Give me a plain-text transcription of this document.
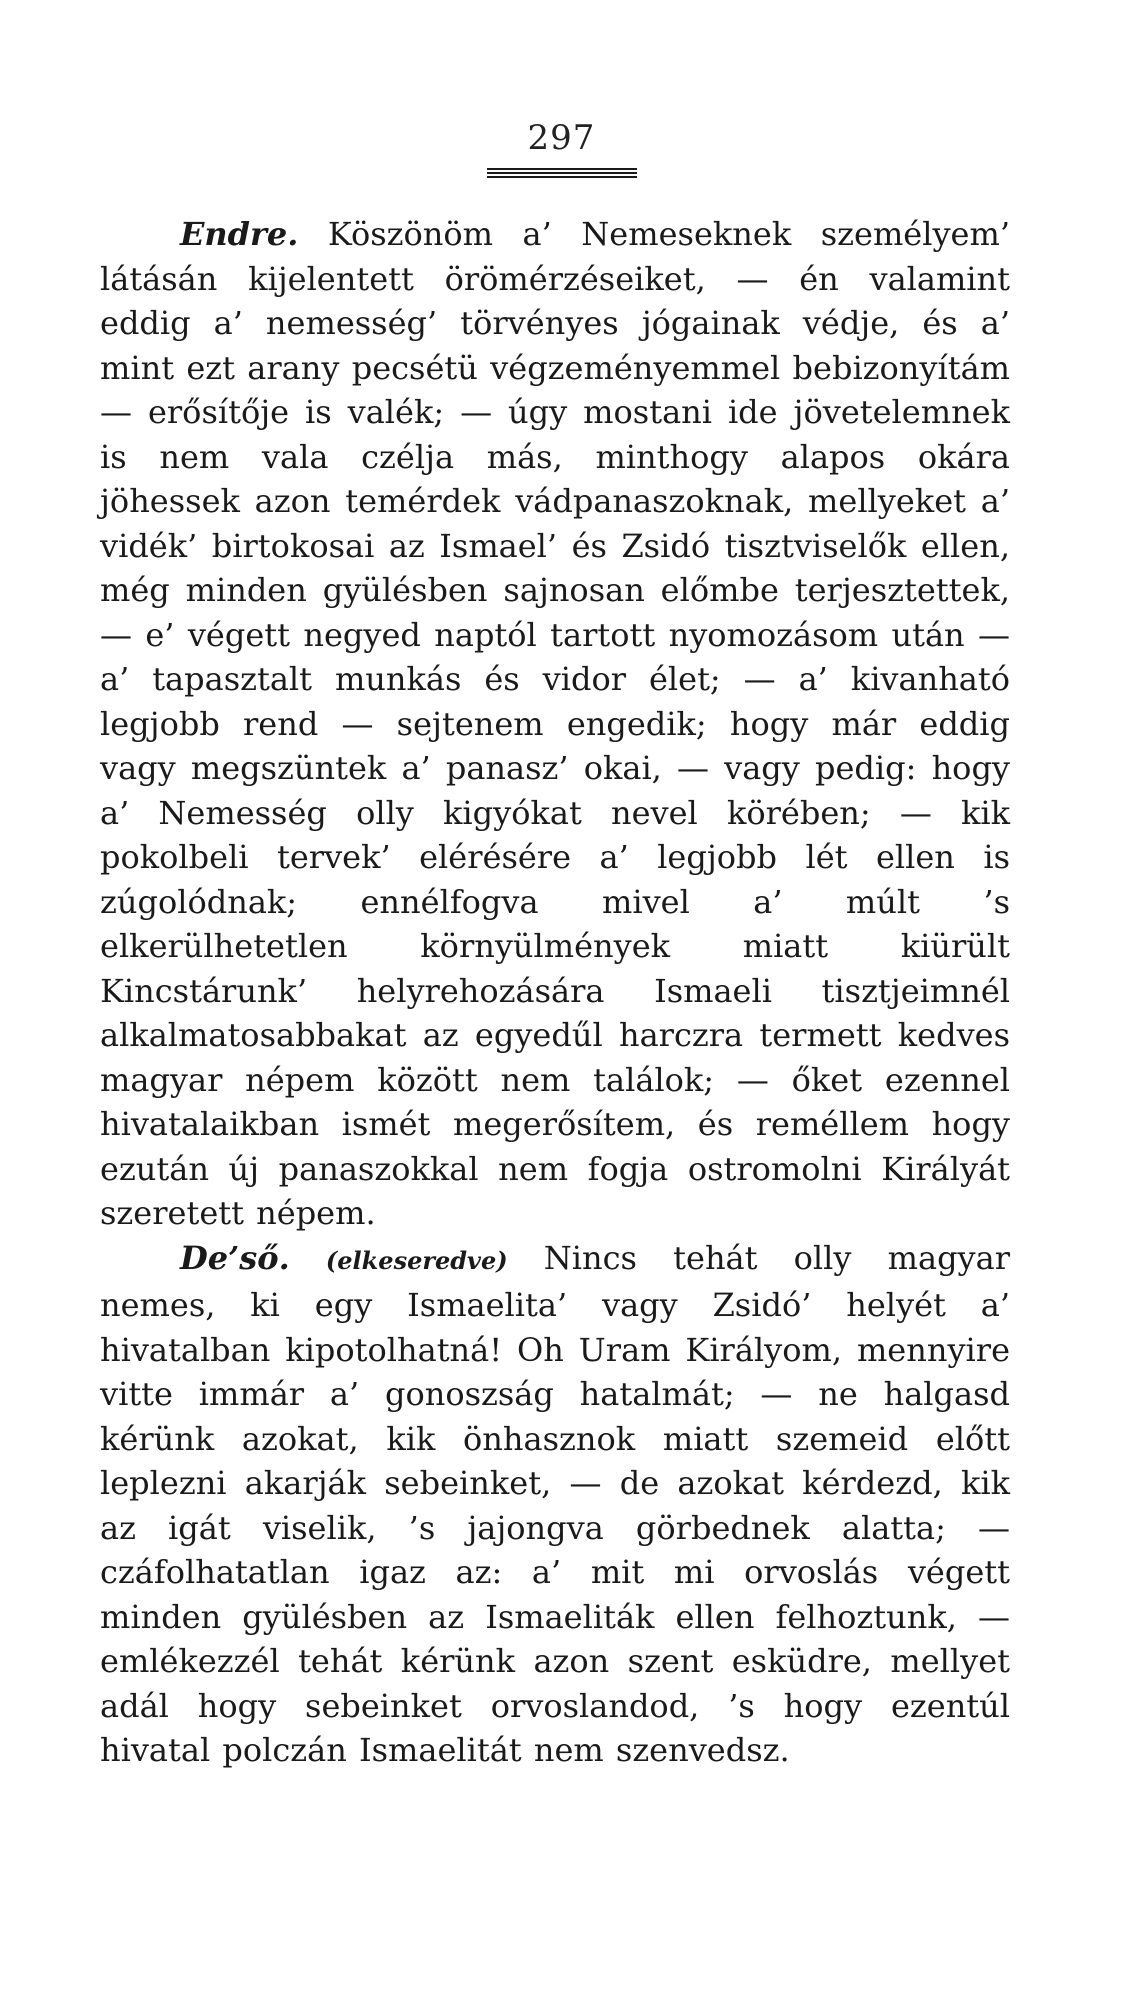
297

Endre. Köszönöm a’ Nemeseknek személyem’ látásán kijelentett örömérzéseiket, — én valamint eddig a’ nemesség’ törvényes jógainak védje, és a’ mint ezt arany pecsétü végzeményemmel bebizonyítám — erősítője is valék; — úgy mostani ide jövetelemnek is nem vala czélja más, minthogy alapos okára jöhessek azon temérdek vádpanaszoknak, mellyeket a’ vidék’ birtokosai az Ismael’ és Zsidó tisztviselők ellen, még minden gyülésben sajnosan előmbe terjesztettek, — e’ végett negyed naptól tartott nyomozásom után — a’ tapasztalt munkás és vidor élet; — a’ kivanható legjobb rend — sejtenem engedik; hogy már eddig vagy megszüntek a’ panasz’ okai, — vagy pedig: hogy a’ Nemesség olly kigyókat nevel körében; — kik pokolbeli tervek’ elérésére a’ legjobb lét ellen is zúgolódnak; ennélfogva mivel a’ múlt ’s elkerülhetetlen környülmények miatt kiürült Kincstárunk’ helyrehozására Ismaeli tisztjeimnél alkalmatosabbakat az egyedűl harczra termett kedves magyar népem között nem találok; — őket ezennel hivatalaikban ismét megerősítem, és reméllem hogy ezután új panaszokkal nem fogja ostromolni Királyát szeretett népem.

De’ső. (elkeseredve) Nincs tehát olly magyar nemes, ki egy Ismaelita’ vagy Zsidó’ helyét a’ hivatalban kipotolhatná! Oh Uram Királyom, mennyire vitte immár a’ gonoszság hatalmát; — ne halgasd kérünk azokat, kik önhasznok miatt szemeid előtt leplezni akarják sebeinket, — de azokat kérdezd, kik az igát viselik, ’s jajongva görbednek alatta; — czáfolhatatlan igaz az: a’ mit mi orvoslás végett minden gyülésben az Ismaeliták ellen felhoztunk, — emlékezzél tehát kérünk azon szent esküdre, mellyet adál hogy sebeinket orvoslandod, ’s hogy ezentúl hivatal polczán Ismaelitát nem szenvedsz.
